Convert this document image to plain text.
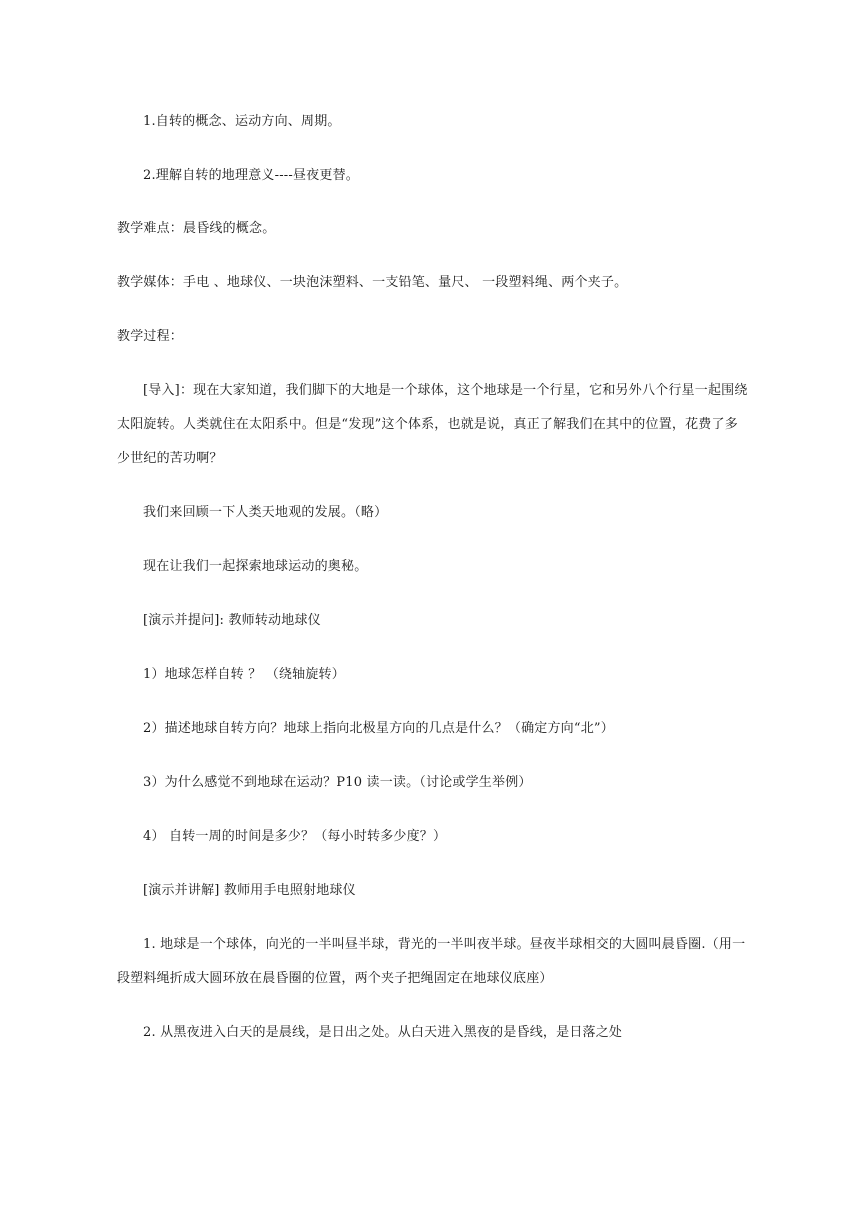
1.自转的概念、运动方向、周期。
2.理解自转的地理意义----昼夜更替。
教学难点：晨昏线的概念。
教学媒体：手电 、地球仪、一块泡沫塑料、一支铅笔、量尺、 一段塑料绳、两个夹子。
教学过程：
[导入]：现在大家知道，我们脚下的大地是一个球体，这个地球是一个行星，它和另外八个行星一起围绕
太阳旋转。人类就住在太阳系中。但是“发现”这个体系，也就是说，真正了解我们在其中的位置，花费了多
少世纪的苦功啊？
我们来回顾一下人类天地观的发展。（略）
现在让我们一起探索地球运动的奥秘。
[演示并提问]: 教师转动地球仪
1）地球怎样自转 ？ （绕轴旋转）
2）描述地球自转方向？地球上指向北极星方向的几点是什么？（确定方向“北”）
3）为什么感觉不到地球在运动？P10 读一读。（讨论或学生举例）
4） 自转一周的时间是多少？（每小时转多少度？）
[演示并讲解] 教师用手电照射地球仪
1. 地球是一个球体，向光的一半叫昼半球，背光的一半叫夜半球。昼夜半球相交的大圆叫晨昏圈.（用一
段塑料绳折成大圆环放在晨昏圈的位置，两个夹子把绳固定在地球仪底座）
2. 从黑夜进入白天的是晨线，是日出之处。从白天进入黑夜的是昏线，是日落之处
